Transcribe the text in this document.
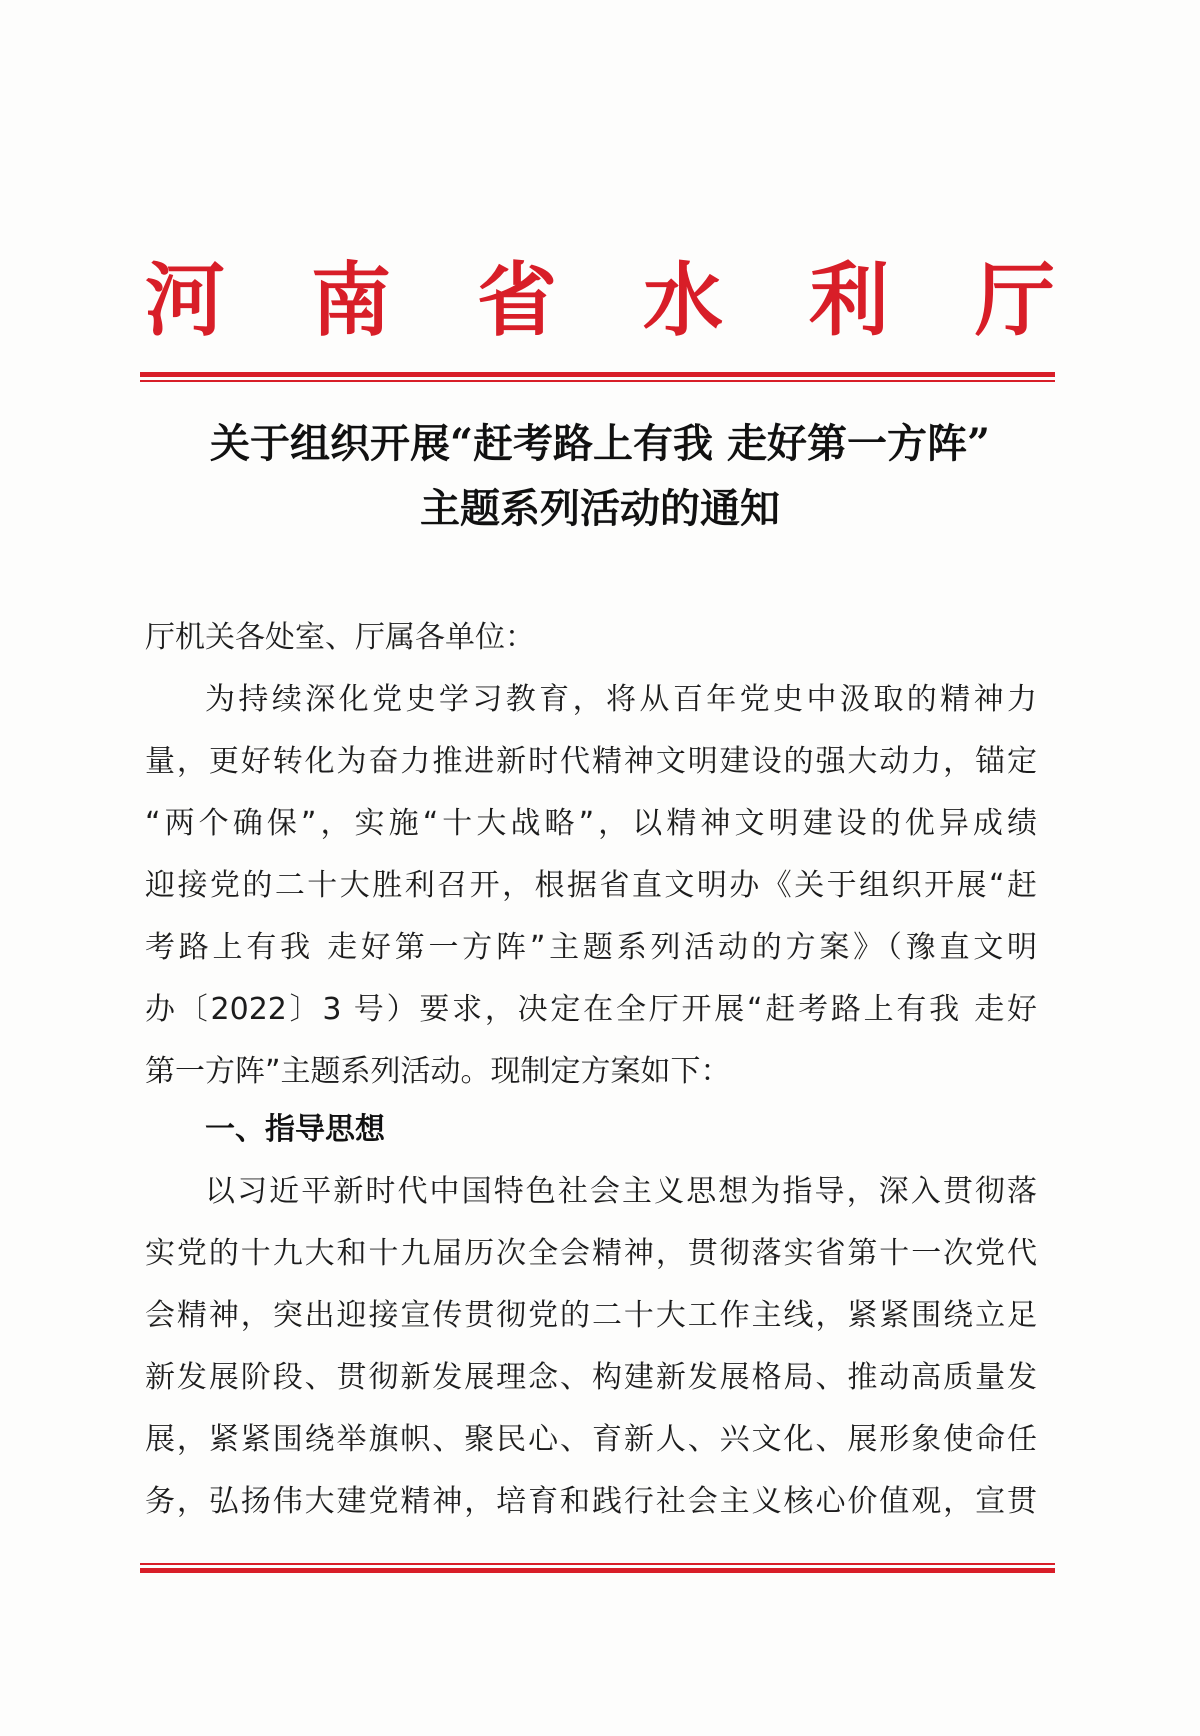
河 南 省 水 利 厅
关于组织开展“赶考路上有我 走好第一方阵”
主题系列活动的通知
厅机关各处室、厅属各单位：
为持续深化党史学习教育，将从百年党史中汲取的精神力
量，更好转化为奋力推进新时代精神文明建设的强大动力，锚定
“两个确保”，实施“十大战略”，以精神文明建设的优异成绩
迎接党的二十大胜利召开，根据省直文明办《关于组织开展“赶
考路上有我 走好第一方阵”主题系列活动的方案》（豫直文明
办〔2022〕3 号）要求，决定在全厅开展“赶考路上有我 走好
第一方阵”主题系列活动。现制定方案如下：
一、指导思想
以习近平新时代中国特色社会主义思想为指导，深入贯彻落
实党的十九大和十九届历次全会精神，贯彻落实省第十一次党代
会精神，突出迎接宣传贯彻党的二十大工作主线，紧紧围绕立足
新发展阶段、贯彻新发展理念、构建新发展格局、推动高质量发
展，紧紧围绕举旗帜、聚民心、育新人、兴文化、展形象使命任
务，弘扬伟大建党精神，培育和践行社会主义核心价值观，宣贯
